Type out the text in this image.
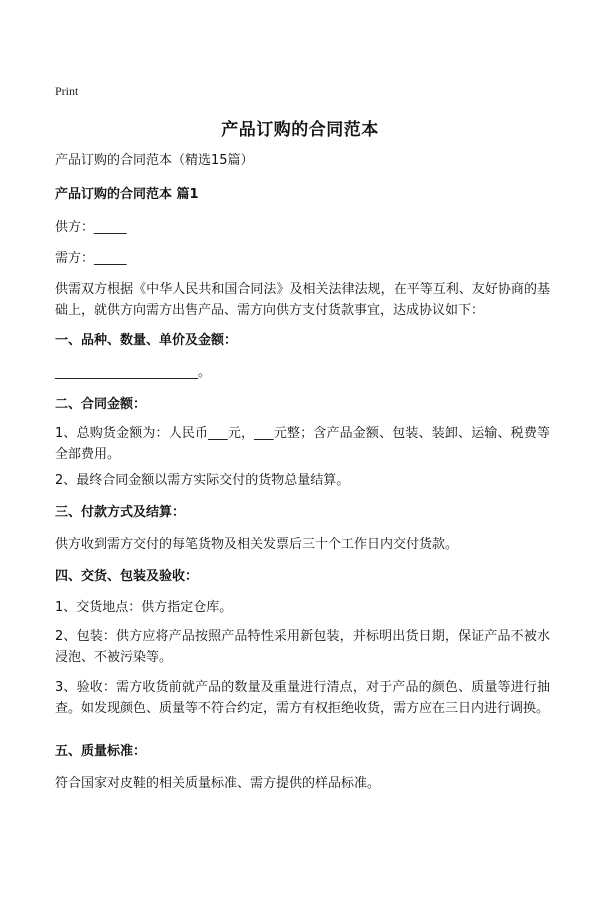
Print
产品订购的合同范本
产品订购的合同范本（精选15篇）
产品订购的合同范本 篇1
供方：_____
需方：_____
供需双方根据《中华人民共和国合同法》及相关法律法规，在平等互利、友好协商的基础上，就供方向需方出售产品、需方向供方支付货款事宜，达成协议如下：
一、品种、数量、单价及金额：
______________________。
二、合同金额：
1、总购货金额为：人民币___元，___元整；含产品金额、包装、装卸、运输、税费等全部费用。
2、最终合同金额以需方实际交付的货物总量结算。
三、付款方式及结算：
供方收到需方交付的每笔货物及相关发票后三十个工作日内交付货款。
四、交货、包装及验收：
1、交货地点：供方指定仓库。
2、包装：供方应将产品按照产品特性采用新包装，并标明出货日期，保证产品不被水浸泡、不被污染等。
3、验收：需方收货前就产品的数量及重量进行清点，对于产品的颜色、质量等进行抽查。如发现颜色、质量等不符合约定，需方有权拒绝收货，需方应在三日内进行调换。
五、质量标准：
符合国家对皮鞋的相关质量标准、需方提供的样品标准。
